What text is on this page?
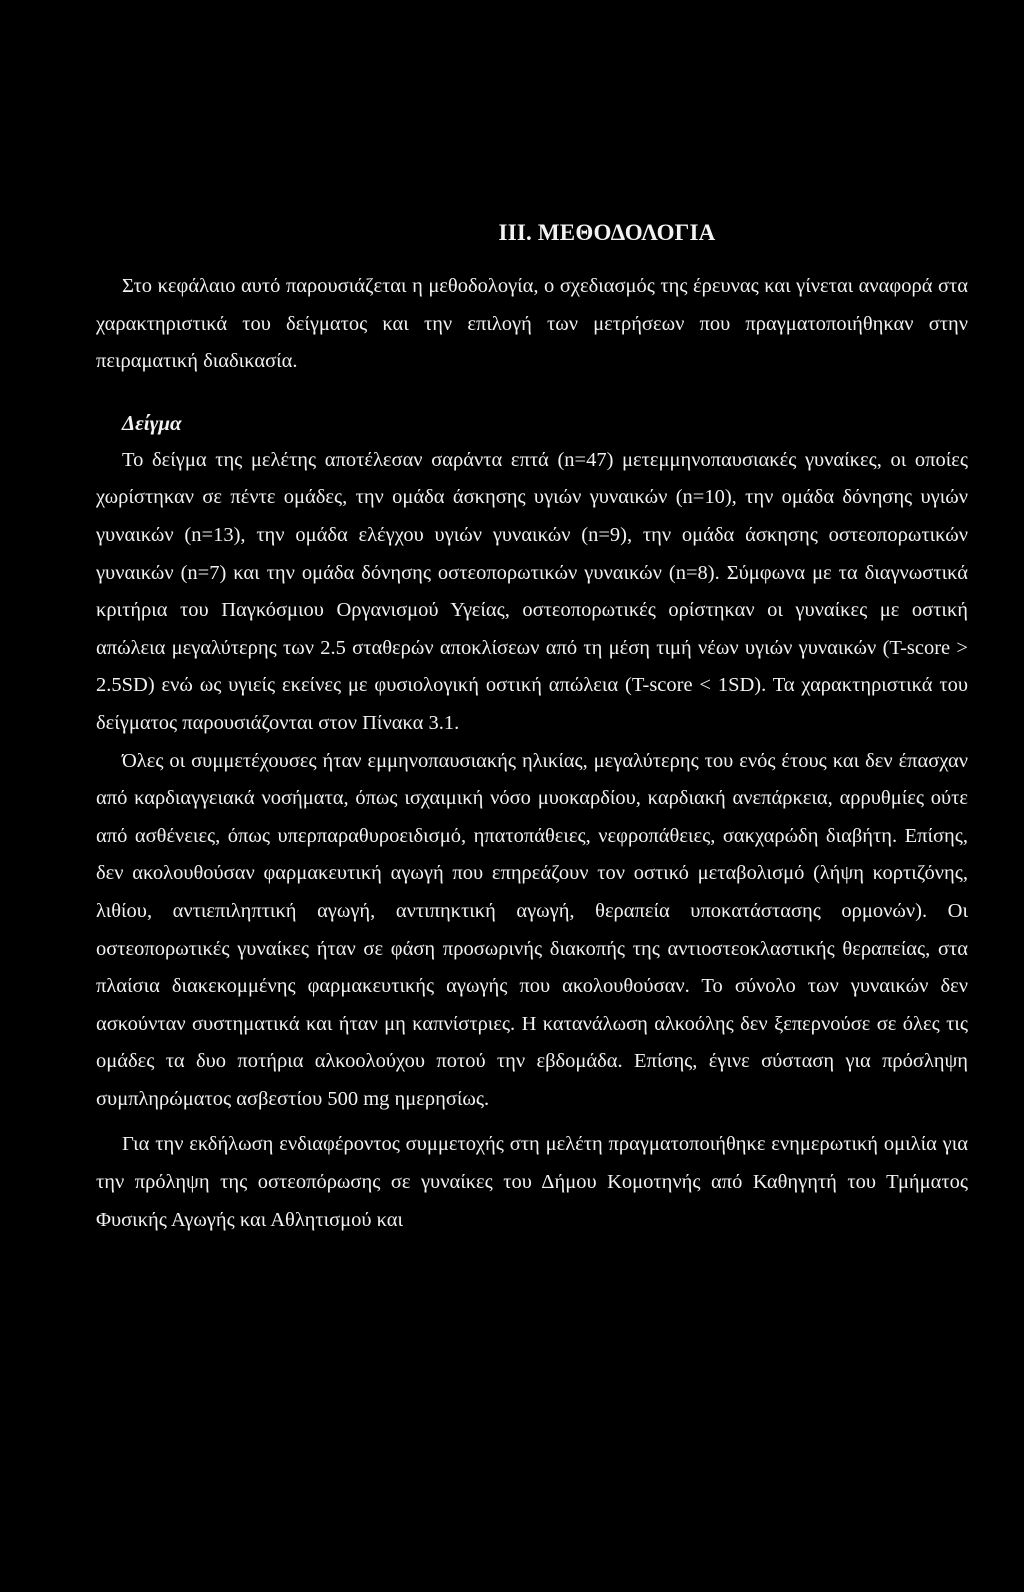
III. ΜΕΘΟΔΟΛΟΓΙΑ

Στο κεφάλαιο αυτό παρουσιάζεται η μεθοδολογία, ο σχεδιασμός της έρευνας και γίνεται αναφορά στα χαρακτηριστικά του δείγματος και την επιλογή των μετρήσεων που πραγματοποιήθηκαν στην πειραματική διαδικασία.

Δείγμα

Το δείγμα της μελέτης αποτέλεσαν σαράντα επτά (n=47) μετεμμηνοπαυσιακές γυναίκες, οι οποίες χωρίστηκαν σε πέντε ομάδες, την ομάδα άσκησης υγιών γυναικών (n=10), την ομάδα δόνησης υγιών γυναικών (n=13), την ομάδα ελέγχου υγιών γυναικών (n=9), την ομάδα άσκησης οστεοπορωτικών γυναικών (n=7) και την ομάδα δόνησης οστεοπορωτικών γυναικών (n=8). Σύμφωνα με τα διαγνωστικά κριτήρια του Παγκόσμιου Οργανισμού Υγείας, οστεοπορωτικές ορίστηκαν οι γυναίκες με οστική απώλεια μεγαλύτερης των 2.5 σταθερών αποκλίσεων από τη μέση τιμή νέων υγιών γυναικών (T-score > 2.5SD) ενώ ως υγιείς εκείνες με φυσιολογική οστική απώλεια (T-score < 1SD). Τα χαρακτηριστικά του δείγματος παρουσιάζονται στον Πίνακα 3.1.

Όλες οι συμμετέχουσες ήταν εμμηνοπαυσιακής ηλικίας, μεγαλύτερης του ενός έτους και δεν έπασχαν από καρδιαγγειακά νοσήματα, όπως ισχαιμική νόσο μυοκαρδίου, καρδιακή ανεπάρκεια, αρρυθμίες ούτε από ασθένειες, όπως υπερπαραθυροειδισμό, ηπατοπάθειες, νεφροπάθειες, σακχαρώδη διαβήτη. Επίσης, δεν ακολουθούσαν φαρμακευτική αγωγή που επηρεάζουν τον οστικό μεταβολισμό (λήψη κορτιζόνης, λιθίου, αντιεπιληπτική αγωγή, αντιπηκτική αγωγή, θεραπεία υποκατάστασης ορμονών). Οι οστεοπορωτικές γυναίκες ήταν σε φάση προσωρινής διακοπής της αντιοστεοκλαστικής θεραπείας, στα πλαίσια διακεκομμένης φαρμακευτικής αγωγής που ακολουθούσαν. Το σύνολο των γυναικών δεν ασκούνταν συστηματικά και ήταν μη καπνίστριες. Η κατανάλωση αλκοόλης δεν ξεπερνούσε σε όλες τις ομάδες τα δυο ποτήρια αλκοολούχου ποτού την εβδομάδα. Επίσης, έγινε σύσταση για πρόσληψη συμπληρώματος ασβεστίου 500 mg ημερησίως.

Για την εκδήλωση ενδιαφέροντος συμμετοχής στη μελέτη πραγματοποιήθηκε ενημερωτική ομιλία για την πρόληψη της οστεοπόρωσης σε γυναίκες του Δήμου Κομοτηνής από Καθηγητή του Τμήματος Φυσικής Αγωγής και Αθλητισμού και
